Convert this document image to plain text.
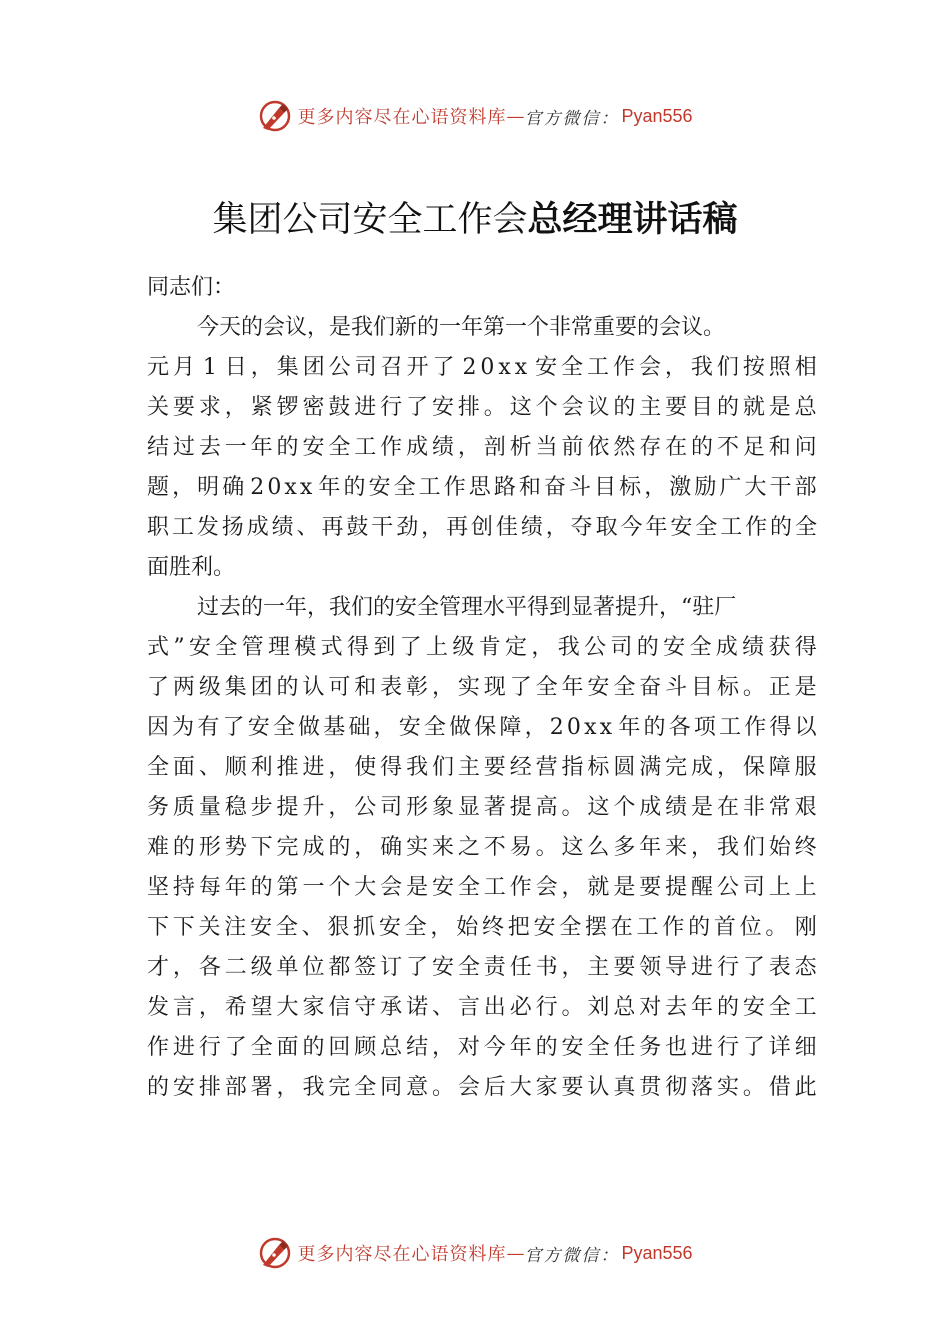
更多内容尽在心语资料库 — 官方微信： Pyan556
集团公司安全工作会总经理讲话稿
同志们：
今天的会议，是我们新的一年第一个非常重要的会议。
元 月 1 日 ， 集 团 公 司 召 开 了 2 0 x x 安 全 工 作 会 ， 我 们 按 照 相
关 要 求 ， 紧 锣 密 鼓 进 行 了 安 排 。 这 个 会 议 的 主 要 目 的 就 是 总
结 过 去 一 年 的 安 全 工 作 成 绩 ， 剖 析 当 前 依 然 存 在 的 不 足 和 问
题 ， 明 确 2 0 x x 年 的 安 全 工 作 思 路 和 奋 斗 目 标 ， 激 励 广 大 干 部
职 工 发 扬 成 绩 、 再 鼓 干 劲 ， 再 创 佳 绩 ， 夺 取 今 年 安 全 工 作 的 全
面胜利。
过去的一年，我们的安全管理水平得到显著提升，“驻厂
式 ” 安 全 管 理 模 式 得 到 了 上 级 肯 定 ， 我 公 司 的 安 全 成 绩 获 得
了 两 级 集 团 的 认 可 和 表 彰 ， 实 现 了 全 年 安 全 奋 斗 目 标 。 正 是
因 为 有 了 安 全 做 基 础 ， 安 全 做 保 障 ， 2 0 x x 年 的 各 项 工 作 得 以
全 面 、 顺 利 推 进 ， 使 得 我 们 主 要 经 营 指 标 圆 满 完 成 ， 保 障 服
务 质 量 稳 步 提 升 ， 公 司 形 象 显 著 提 高 。 这 个 成 绩 是 在 非 常 艰
难 的 形 势 下 完 成 的 ， 确 实 来 之 不 易 。 这 么 多 年 来 ， 我 们 始 终
坚 持 每 年 的 第 一 个 大 会 是 安 全 工 作 会 ， 就 是 要 提 醒 公 司 上 上
下 下 关 注 安 全 、 狠 抓 安 全 ， 始 终 把 安 全 摆 在 工 作 的 首 位 。 刚
才 ， 各 二 级 单 位 都 签 订 了 安 全 责 任 书 ， 主 要 领 导 进 行 了 表 态
发 言 ， 希 望 大 家 信 守 承 诺 、 言 出 必 行 。 刘 总 对 去 年 的 安 全 工
作 进 行 了 全 面 的 回 顾 总 结 ， 对 今 年 的 安 全 任 务 也 进 行 了 详 细
的 安 排 部 署 ， 我 完 全 同 意 。 会 后 大 家 要 认 真 贯 彻 落 实 。 借 此
更多内容尽在心语资料库 — 官方微信： Pyan556
